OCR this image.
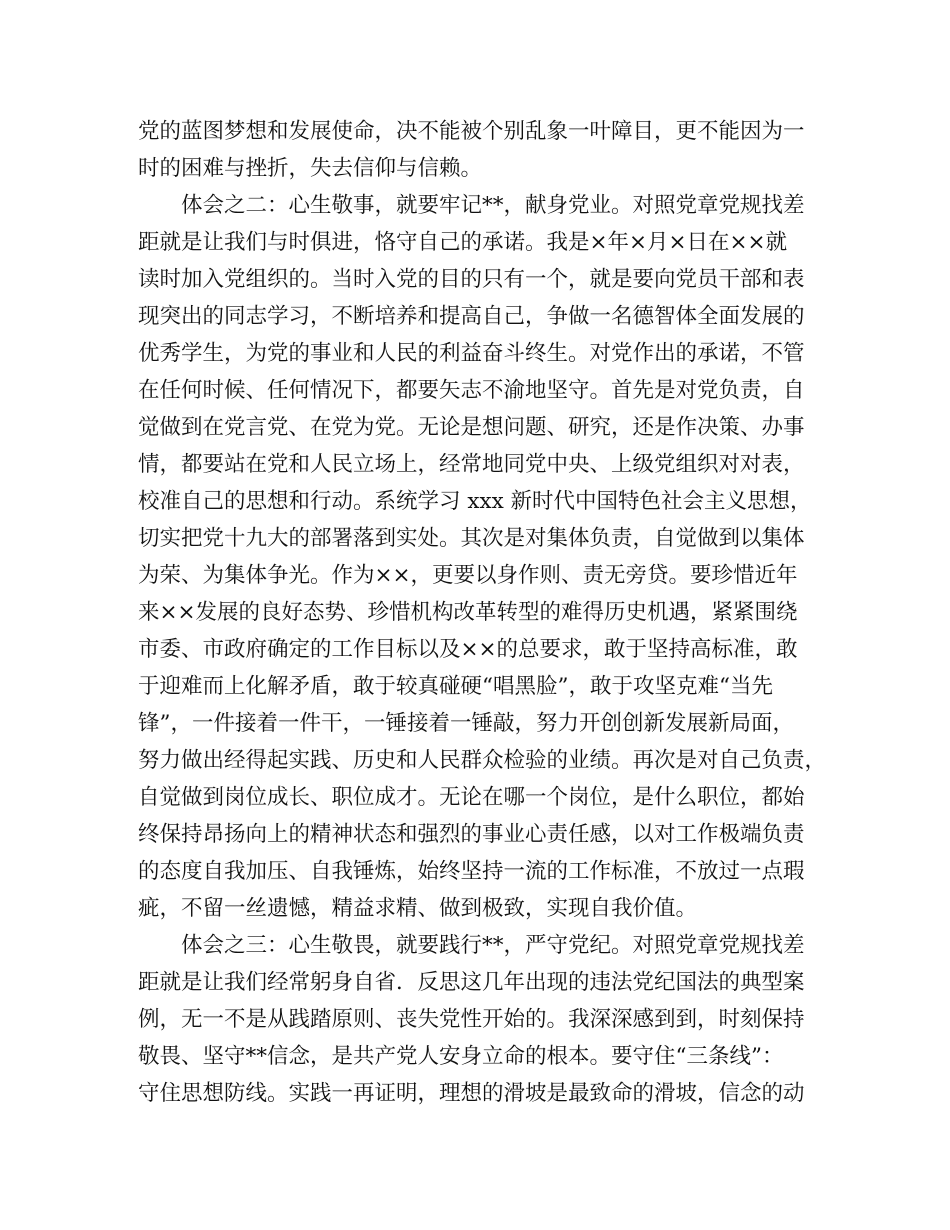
党的蓝图梦想和发展使命，决不能被个别乱象一叶障目，更不能因为一
时的困难与挫折，失去信仰与信赖。
体会之二：心生敬事，就要牢记**，献身党业。对照党章党规找差
距就是让我们与时俱进，恪守自己的承诺。我是×年×月×日在××就
读时加入党组织的。当时入党的目的只有一个，就是要向党员干部和表
现突出的同志学习，不断培养和提高自己，争做一名德智体全面发展的
优秀学生，为党的事业和人民的利益奋斗终生。对党作出的承诺，不管
在任何时候、任何情况下，都要矢志不渝地坚守。首先是对党负责，自
觉做到在党言党、在党为党。无论是想问题、研究，还是作决策、办事
情，都要站在党和人民立场上，经常地同党中央、上级党组织对对表，
校准自己的思想和行动。系统学习 xxx 新时代中国特色社会主义思想，
切实把党十九大的部署落到实处。其次是对集体负责，自觉做到以集体
为荣、为集体争光。作为××，更要以身作则、责无旁贷。要珍惜近年
来××发展的良好态势、珍惜机构改革转型的难得历史机遇，紧紧围绕
市委、市政府确定的工作目标以及××的总要求，敢于坚持高标准，敢
于迎难而上化解矛盾，敢于较真碰硬“唱黑脸”，敢于攻坚克难“当先
锋”，一件接着一件干，一锤接着一锤敲，努力开创创新发展新局面，
努力做出经得起实践、历史和人民群众检验的业绩。再次是对自己负责，
自觉做到岗位成长、职位成才。无论在哪一个岗位，是什么职位，都始
终保持昂扬向上的精神状态和强烈的事业心责任感，以对工作极端负责
的态度自我加压、自我锤炼，始终坚持一流的工作标准，不放过一点瑕
疵，不留一丝遗憾，精益求精、做到极致，实现自我价值。
体会之三：心生敬畏，就要践行**，严守党纪。对照党章党规找差
距就是让我们经常躬身自省．反思这几年出现的违法党纪国法的典型案
例，无一不是从践踏原则、丧失党性开始的。我深深感到到，时刻保持
敬畏、坚守**信念，是共产党人安身立命的根本。要守住“三条线”：
守住思想防线。实践一再证明，理想的滑坡是最致命的滑坡，信念的动
